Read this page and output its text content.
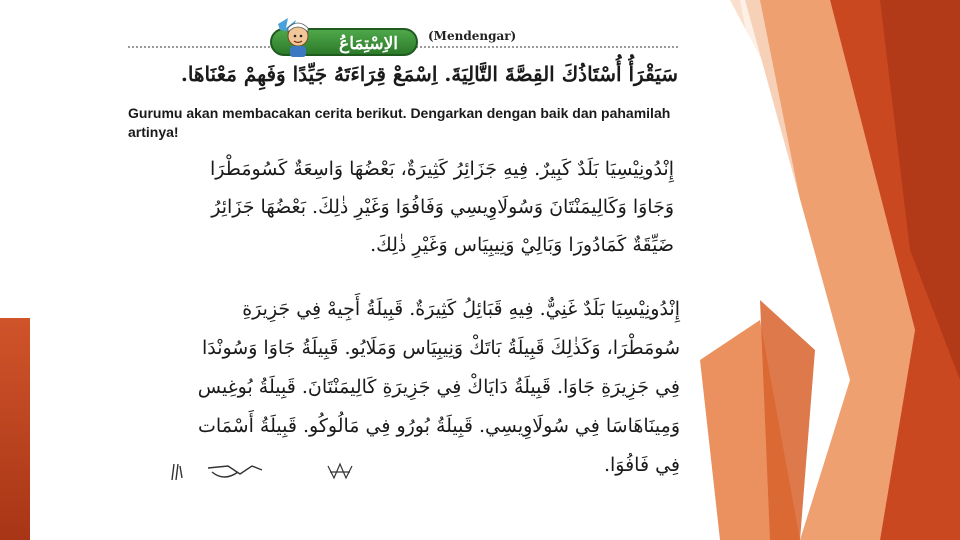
الاِسْتِمَاعُ	(Mendengar)
سَيَقْرَأُ أُسْتَاذُكَ القِصَّةَ التَّالِيَةَ. اِسْمَعْ قِرَاءَتَهُ جَيِّدًا وَفَهِمْ مَعْنَاهَا.
Gurumu akan membacakan cerita berikut. Dengarkan dengan baik dan pahamilah artinya!
إِنْدُونِيْسِيَا بَلَدٌ كَبِيرٌ. فِيهِ جَزَائِرُ كَثِيرَةٌ، بَعْضُهَا وَاسِعَةٌ كَسُومَطْرَا
وَجَاوَا وَكَالِيمَنْتَانَ وَسُولَاوِيسِي وَفَافُوَا وَغَيْرِ ذٰلِكَ. بَعْضُهَا جَزَائِرُ
ضَيِّقَةٌ كَمَادُورَا وَبَالِيْ وَنِيبِيَاس وَغَيْرِ ذٰلِكَ.
إِنْدُونِيْسِيَا بَلَدٌ غَنِيٌّ. فِيهِ قَبَائِلُ كَثِيرَةٌ. قَبِيلَةُ أَجِيهْ فِي جَزِيرَةِ
سُومَطْرَا، وَكَذٰلِكَ قَبِيلَةُ بَاتَكْ وَنِيبِيَاس وَمَلَايُو. قَبِيلَةُ جَاوَا وَسُونْدَا
فِي جَزِيرَةِ جَاوَا. قَبِيلَةُ دَايَاكْ فِي جَزِيرَةِ كَالِيمَنْتَانَ. قَبِيلَةُ بُوغِيس
وَمِينَاهَاسَا فِي سُولَاوِيسِي. قَبِيلَةُ بُورُو فِي مَالُوكُو. قَبِيلَةُ أَسْمَات
فِي فَافُوَا.
